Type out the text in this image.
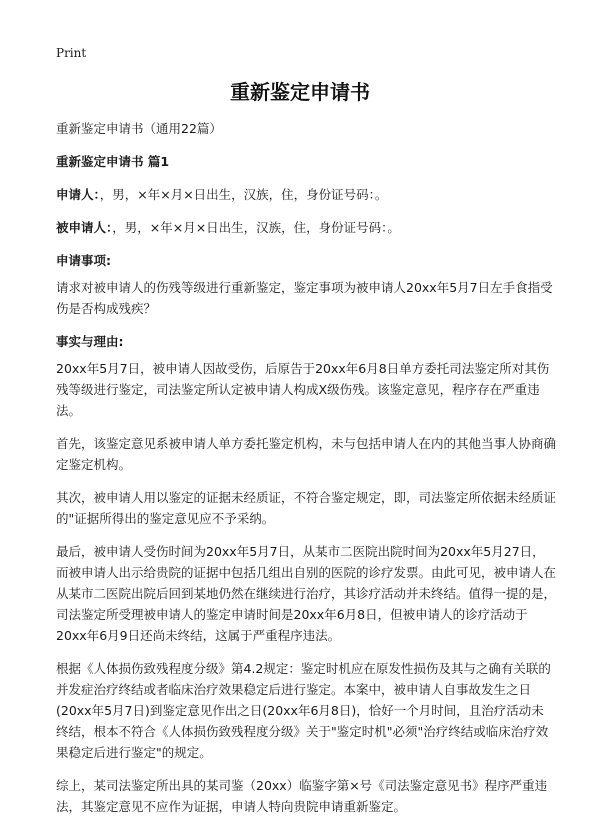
Print
重新鉴定申请书

重新鉴定申请书（通用22篇）

重新鉴定申请书 篇1

申请人：，男，×年×月×日出生，汉族，住，身份证号码：。

被申请人：，男，×年×月×日出生，汉族，住，身份证号码：。

申请事项:

请求对被申请人的伤残等级进行重新鉴定，鉴定事项为被申请人20xx年5月7日左手食指受伤是否构成残疾？

事实与理由:

20xx年5月7日，被申请人因故受伤，后原告于20xx年6月8日单方委托司法鉴定所对其伤残等级进行鉴定，司法鉴定所认定被申请人构成X级伤残。该鉴定意见，程序存在严重违法。

首先，该鉴定意见系被申请人单方委托鉴定机构，未与包括申请人在内的其他当事人协商确定鉴定机构。

其次，被申请人用以鉴定的证据未经质证，不符合鉴定规定，即，司法鉴定所依据未经质证的"证据所得出的鉴定意见应不予采纳。

最后，被申请人受伤时间为20xx年5月7日，从某市二医院出院时间为20xx年5月27日，而被申请人出示给贵院的证据中包括几组出自别的医院的诊疗发票。由此可见，被申请人在从某市二医院出院后回到某地仍然在继续进行治疗，其诊疗活动并未终结。值得一提的是，司法鉴定所受理被申请人的鉴定申请时间是20xx年6月8日，但被申请人的诊疗活动于 20xx年6月9日还尚未终结，这属于严重程序违法。

根据《人体损伤致残程度分级》第4.2规定：鉴定时机应在原发性损伤及其与之确有关联的并发症治疗终结或者临床治疗效果稳定后进行鉴定。本案中，被申请人自事故发生之日(20xx年5月7日)到鉴定意见作出之日(20xx年6月8日)，恰好一个月时间，且治疗活动未终结，根本不符合《人体损伤致残程度分级》关于"鉴定时机"必须"治疗终结或临床治疗效果稳定后进行鉴定"的规定。

综上，某司法鉴定所出具的某司鉴（20xx）临鉴字第×号《司法鉴定意见书》程序严重违法，其鉴定意见不应作为证据，申请人特向贵院申请重新鉴定。
